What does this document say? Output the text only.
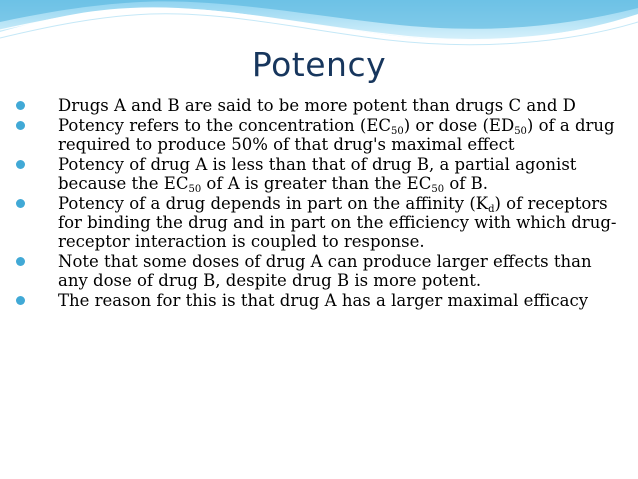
Potency
Drugs A and B are said to be more potent than drugs C and D
Potency refers to the concentration $(EC_{50})$ or dose $(ED_{50})$ of a drug required to produce 50% of that drug's maximal effect
Potency of drug A is less than that of drug B, a partial agonist because the $EC_{50}$ of A is greater than the $EC_{50}$ of B.
Potency of a drug depends in part on the affinity $(K_d)$ of receptors for binding the drug and in part on the efficiency with which drug-receptor interaction is coupled to response.
Note that some doses of drug A can produce larger effects than any dose of drug B, despite drug B is more potent.
The reason for this is that drug A has a larger maximal efficacy
